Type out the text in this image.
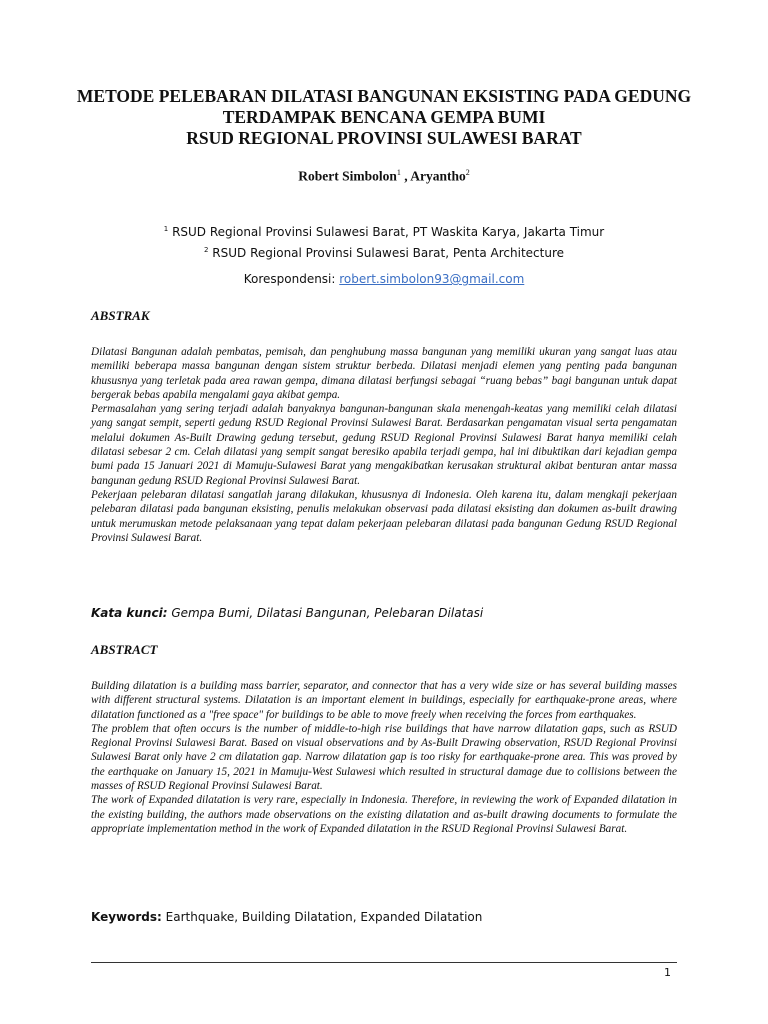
METODE PELEBARAN DILATASI BANGUNAN EKSISTING PADA GEDUNG
TERDAMPAK BENCANA GEMPA BUMI
RSUD REGIONAL PROVINSI SULAWESI BARAT
Robert Simbolon$^1$ , Aryantho$^2$
$^1$ RSUD Regional Provinsi Sulawesi Barat, PT Waskita Karya, Jakarta Timur
$^2$ RSUD Regional Provinsi Sulawesi Barat, Penta Architecture
Korespondensi: robert.simbolon93@gmail.com
ABSTRAK

Dilatasi Bangunan adalah pembatas, pemisah, dan penghubung massa bangunan yang memiliki ukuran yang sangat luas atau memiliki beberapa massa bangunan dengan sistem struktur berbeda. Dilatasi menjadi elemen yang penting pada bangunan khususnya yang terletak pada area rawan gempa, dimana dilatasi berfungsi sebagai “ruang bebas” bagi bangunan untuk dapat bergerak bebas apabila mengalami gaya akibat gempa.

Permasalahan yang sering terjadi adalah banyaknya bangunan-bangunan skala menengah-keatas yang memiliki celah dilatasi yang sangat sempit, seperti gedung RSUD Regional Provinsi Sulawesi Barat. Berdasarkan pengamatan visual serta pengamatan melalui dokumen As-Built Drawing gedung tersebut, gedung RSUD Regional Provinsi Sulawesi Barat hanya memiliki celah dilatasi sebesar 2 cm. Celah dilatasi yang sempit sangat beresiko apabila terjadi gempa, hal ini dibuktikan dari kejadian gempa bumi pada 15 Januari 2021 di Mamuju-Sulawesi Barat yang mengakibatkan kerusakan struktural akibat benturan antar massa bangunan gedung RSUD Regional Provinsi Sulawesi Barat.

Pekerjaan pelebaran dilatasi sangatlah jarang dilakukan, khususnya di Indonesia. Oleh karena itu, dalam mengkaji pekerjaan pelebaran dilatasi pada bangunan eksisting, penulis melakukan observasi pada dilatasi eksisting dan dokumen as-built drawing untuk merumuskan metode pelaksanaan yang tepat dalam pekerjaan pelebaran dilatasi pada bangunan Gedung RSUD Regional Provinsi Sulawesi Barat.

Kata kunci: Gempa Bumi, Dilatasi Bangunan, Pelebaran Dilatasi
ABSTRACT

Building dilatation is a building mass barrier, separator, and connector that has a very wide size or has several building masses with different structural systems. Dilatation is an important element in buildings, especially for earthquake-prone areas, where dilatation functioned as a "free space" for buildings to be able to move freely when receiving the forces from earthquakes.

The problem that often occurs is the number of middle-to-high rise buildings that have narrow dilatation gaps, such as RSUD Regional Provinsi Sulawesi Barat. Based on visual observations and by As-Built Drawing observation, RSUD Regional Provinsi Sulawesi Barat only have 2 cm dilatation gap. Narrow dilatation gap is too risky for earthquake-prone area. This was proved by the earthquake on January 15, 2021 in Mamuju-West Sulawesi which resulted in structural damage due to collisions between the masses of RSUD Regional Provinsi Sulawesi Barat.

The work of Expanded dilatation is very rare, especially in Indonesia. Therefore, in reviewing the work of Expanded dilatation in the existing building, the authors made observations on the existing dilatation and as-built drawing documents to formulate the appropriate implementation method in the work of Expanded dilatation in the RSUD Regional Provinsi Sulawesi Barat.

Keywords: Earthquake, Building Dilatation, Expanded Dilatation
1
